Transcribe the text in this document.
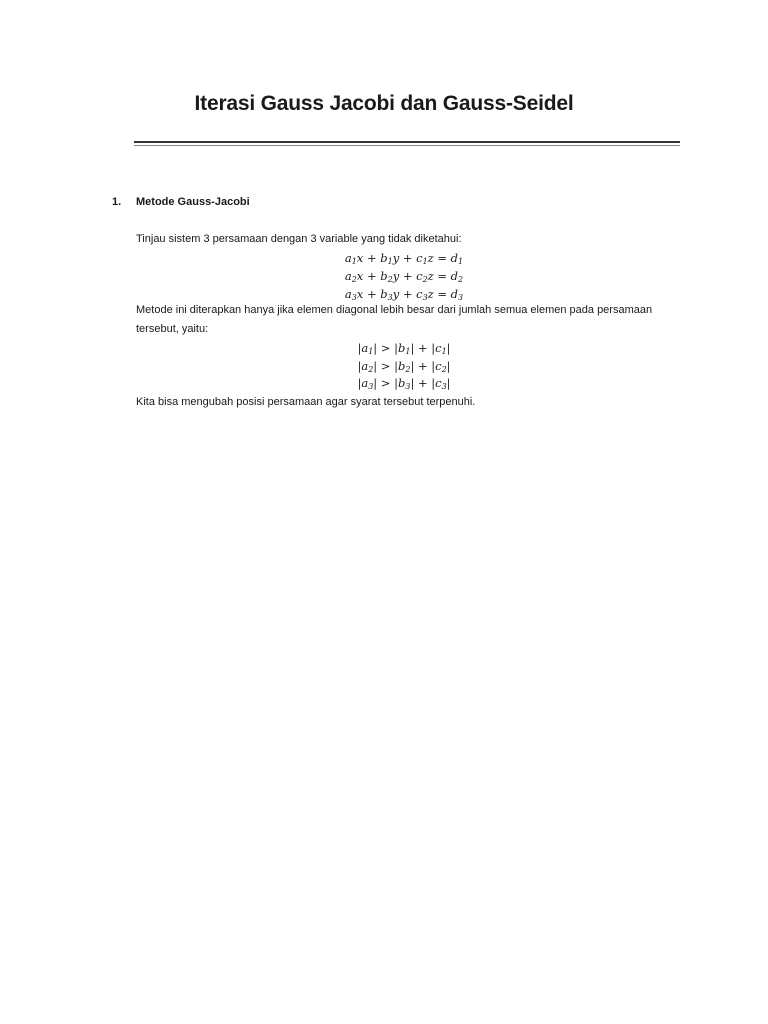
Iterasi Gauss Jacobi dan Gauss-Seidel
1. Metode Gauss-Jacobi

Tinjau sistem 3 persamaan dengan 3 variable yang tidak diketahui:

$a_1x + b_1y + c_1z = d_1$
$a_2x + b_2y + c_2z = d_2$
$a_3x + b_3y + c_3z = d_3$

Metode ini diterapkan hanya jika elemen diagonal lebih besar dari jumlah semua elemen pada persamaan tersebut, yaitu:

$|a_1| > |b_1| + |c_1|$
$|a_2| > |b_2| + |c_2|$
$|a_3| > |b_3| + |c_3|$

Kita bisa mengubah posisi persamaan agar syarat tersebut terpenuhi.
